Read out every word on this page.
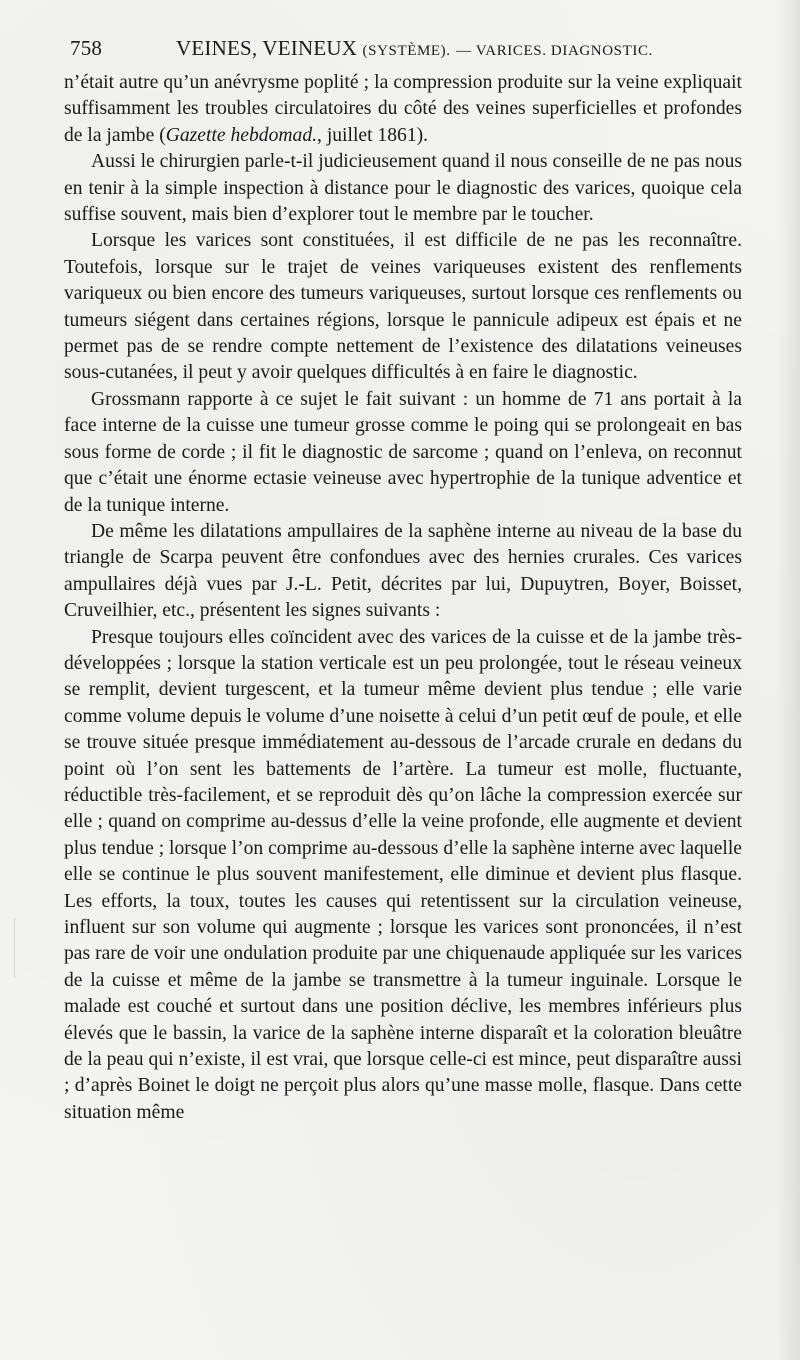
758	VEINES, VEINEUX (SYSTÈME). — VARICES. DIAGNOSTIC.

n’était autre qu’un anévrysme poplité ; la compression produite sur la veine expliquait suffisamment les troubles circulatoires du côté des veines superficielles et profondes de la jambe (Gazette hebdomad., juillet 1861).

Aussi le chirurgien parle-t-il judicieusement quand il nous conseille de ne pas nous en tenir à la simple inspection à distance pour le diagnostic des varices, quoique cela suffise souvent, mais bien d’explorer tout le membre par le toucher.

Lorsque les varices sont constituées, il est difficile de ne pas les reconnaître. Toutefois, lorsque sur le trajet de veines variqueuses existent des renflements variqueux ou bien encore des tumeurs variqueuses, surtout lorsque ces renflements ou tumeurs siégent dans certaines régions, lorsque le pannicule adipeux est épais et ne permet pas de se rendre compte nettement de l’existence des dilatations veineuses sous-cutanées, il peut y avoir quelques difficultés à en faire le diagnostic.

Grossmann rapporte à ce sujet le fait suivant : un homme de 71 ans portait à la face interne de la cuisse une tumeur grosse comme le poing qui se prolongeait en bas sous forme de corde ; il fit le diagnostic de sarcome ; quand on l’enleva, on reconnut que c’était une énorme ectasie veineuse avec hypertrophie de la tunique adventice et de la tunique interne.

De même les dilatations ampullaires de la saphène interne au niveau de la base du triangle de Scarpa peuvent être confondues avec des hernies crurales. Ces varices ampullaires déjà vues par J.-L. Petit, décrites par lui, Dupuytren, Boyer, Boisset, Cruveilhier, etc., présentent les signes suivants :

Presque toujours elles coïncident avec des varices de la cuisse et de la jambe très-développées ; lorsque la station verticale est un peu prolongée, tout le réseau veineux se remplit, devient turgescent, et la tumeur même devient plus tendue ; elle varie comme volume depuis le volume d’une noisette à celui d’un petit œuf de poule, et elle se trouve située presque immédiatement au-dessous de l’arcade crurale en dedans du point où l’on sent les battements de l’artère. La tumeur est molle, fluctuante, réductible très-facilement, et se reproduit dès qu’on lâche la compression exercée sur elle ; quand on comprime au-dessus d’elle la veine profonde, elle augmente et devient plus tendue ; lorsque l’on comprime au-dessous d’elle la saphène interne avec laquelle elle se continue le plus souvent manifestement, elle diminue et devient plus flasque. Les efforts, la toux, toutes les causes qui retentissent sur la circulation veineuse, influent sur son volume qui augmente ; lorsque les varices sont prononcées, il n’est pas rare de voir une ondulation produite par une chiquenaude appliquée sur les varices de la cuisse et même de la jambe se transmettre à la tumeur inguinale. Lorsque le malade est couché et surtout dans une position déclive, les membres inférieurs plus élevés que le bassin, la varice de la saphène interne disparaît et la coloration bleuâtre de la peau qui n’existe, il est vrai, que lorsque celle-ci est mince, peut disparaître aussi ; d’après Boinet le doigt ne perçoit plus alors qu’une masse molle, flasque. Dans cette situation même
